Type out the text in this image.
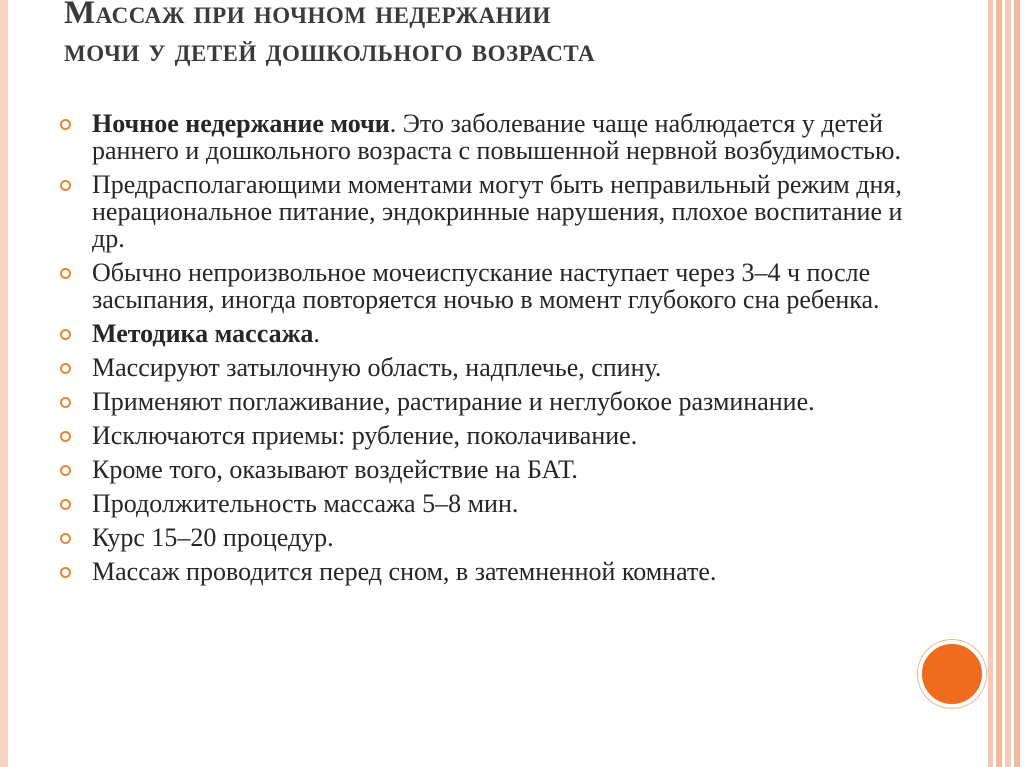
Массаж при ночном недержании
мочи у детей дошкольного возраста
Ночное недержание мочи. Это заболевание чаще наблюдается у детей раннего и дошкольного возраста с повышенной нервной возбудимостью.
Предрасполагающими моментами могут быть неправильный режим дня, нерациональное питание, эндокринные нарушения, плохое воспитание и др.
Обычно непроизвольное мочеиспускание наступает через 3–4 ч после засыпания, иногда повторяется ночью в момент глубокого сна ребенка.
Методика массажа.
Массируют затылочную область, надплечье, спину.
Применяют поглаживание, растирание и неглубокое разминание.
Исключаются приемы: рубление, поколачивание.
Кроме того, оказывают воздействие на БАТ.
Продолжительность массажа 5–8 мин.
Курс 15–20 процедур.
Массаж проводится перед сном, в затемненной комнате.
